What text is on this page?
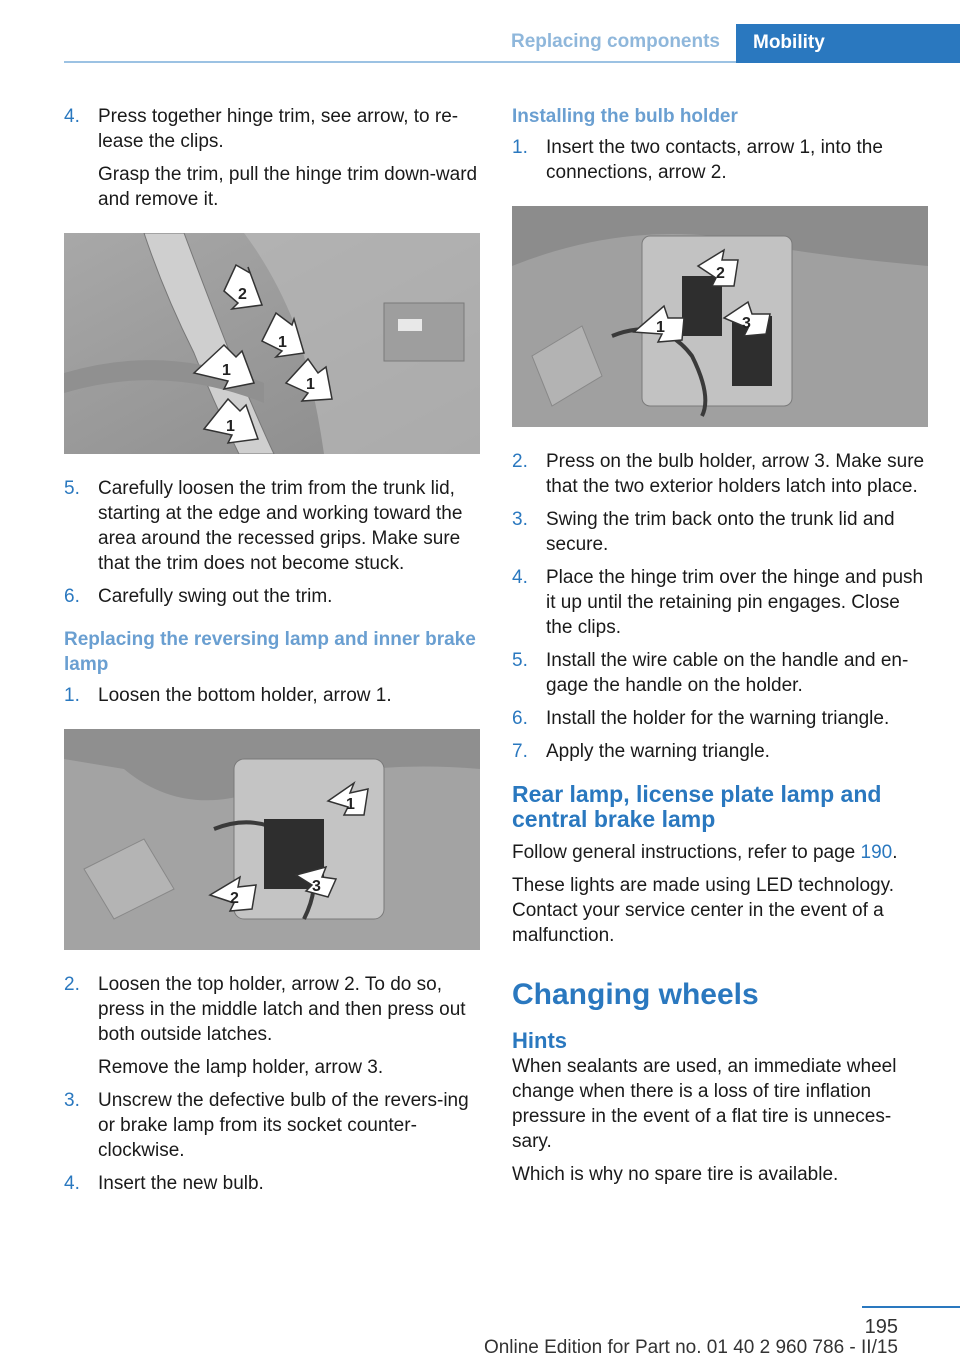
Replacing components	Mobility
4. Press together hinge trim, see arrow, to re‐lease the clips.

Grasp the trim, pull the hinge trim down‐ward and remove it.

2
1
1
1
1
5. Carefully loosen the trim from the trunk lid, starting at the edge and working toward the area around the recessed grips. Make sure that the trim does not become stuck.

6. Carefully swing out the trim.

Replacing the reversing lamp and inner brake lamp
1. Loosen the bottom holder, arrow 1.

1
2
3
2. Loosen the top holder, arrow 2. To do so, press in the middle latch and then press out both outside latches.

Remove the lamp holder, arrow 3.

3. Unscrew the defective bulb of the revers‐ing or brake lamp from its socket counter‐clockwise.

4. Insert the new bulb.

Installing the bulb holder
1. Insert the two contacts, arrow 1, into the connections, arrow 2.

2
1	3
2. Press on the bulb holder, arrow 3. Make sure that the two exterior holders latch into place.

3. Swing the trim back onto the trunk lid and secure.

4. Place the hinge trim over the hinge and push it up until the retaining pin engages. Close the clips.

5. Install the wire cable on the handle and en‐gage the handle on the holder.

6. Install the holder for the warning triangle.

7. Apply the warning triangle.

Rear lamp, license plate lamp and central brake lamp

Follow general instructions, refer to page 190.

These lights are made using LED technology. Contact your service center in the event of a malfunction.

Changing wheels
Hints

When sealants are used, an immediate wheel change when there is a loss of tire inflation pressure in the event of a flat tire is unneces‐sary.

Which is why no spare tire is available.

195
Online Edition for Part no. 01 40 2 960 786 - II/15
